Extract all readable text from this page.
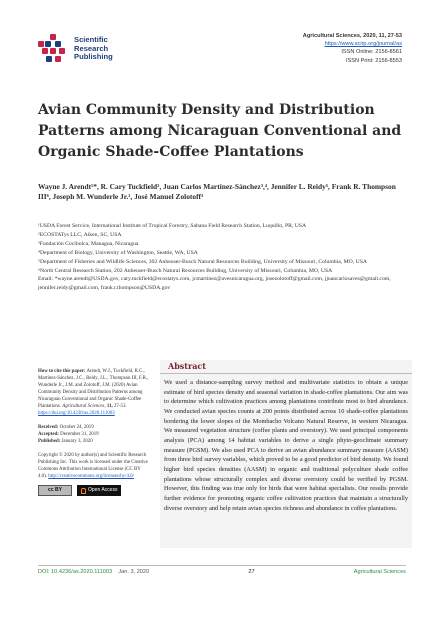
Scientific
Research
Publishing
Agricultural Sciences, 2020, 11, 27-53
https://www.scirp.org/journal/as
ISSN Online: 2156-8561
ISSN Print: 2156-8553
Avian Community Density and Distribution Patterns among Nicaraguan Conventional and Organic Shade-Coffee Plantations
Wayne J. Arendt¹*, R. Cary Tuckfield², Juan Carlos Martínez-Sánchez³,⁴, Jennifer L. Reidy⁵, Frank R. Thompson III⁶, Joseph M. Wunderle Jr.¹, José Manuel Zolotoff³
¹USDA Forest Service, International Institute of Tropical Forestry, Sabana Field Research Station, Luquillo, PR, USA
²ECOSTATys LLC, Aiken, SC, USA
³Fundación Cocibolca, Managua, Nicaragua
⁴Department of Biology, University of Washington, Seattle, WA, USA
⁵Department of Fisheries and Wildlife Sciences, 302 Anheuser-Busch Natural Resources Building, University of Missouri, Columbia, MO, USA
⁶North Central Research Station, 202 Anheuser-Busch Natural Resources Building, University of Missouri, Columbia, MO, USA
Email: *wayne.arendt@USDA.gov, cary.tuckfield@ecostatys.com, jcmartinez@avesnicaragua.org, josezolotoff@gmail.com, jjuancarlosaves@gmail.com, jennifer.reidy@gmail.com, frank.r.thompson@USDA.gov

How to cite this paper: Arendt, W.J., Tuckfield, R.C., Martínez-Sánchez, J.C., Reidy, J.L., Thompson III, F.R., Wunderle Jr., J.M. and Zolotoff, J.M. (2020) Avian Community Density and Distribution Patterns among Nicaraguan Conventional and Organic Shade-Coffee Plantations. Agricultural Sciences, 11, 27-53. https://doi.org/10.4236/as.2020.111003

Received: October 24, 2019
Accepted: December 31, 2019
Published: January 3, 2020

Copyright © 2020 by author(s) and Scientific Research Publishing Inc. This work is licensed under the Creative Commons Attribution International License (CC BY 4.0). http://creativecommons.org/licenses/by/4.0/

cc BY	Open Access
Abstract
We used a distance-sampling survey method and multivariate statistics to obtain a unique estimate of bird species density and seasonal variation in shade-coffee plantations. Our aim was to determine which cultivation practices among plantations contribute most to bird abundance. We conducted avian species counts at 200 points distributed across 10 shade-coffee plantations bordering the lower slopes of the Mombacho Volcano Natural Reserve, in western Nicaragua. We measured vegetation structure (coffee plants and overstory). We used principal components analysis (PCA) among 14 habitat variables to derive a single phyto-geoclimate summary measure (PGSM). We also used PCA to derive an avian abundance summary measure (AASM) from three bird survey variables, which proved to be a good predictor of bird density. We found higher bird species densities (AASM) in organic and traditional polyculture shade coffee plantations whose structurally complex and diverse overstory could be verified by PGSM. However, this finding was true only for birds that were habitat specialists. Our results provide further evidence for promoting organic coffee cultivation practices that maintain a structurally diverse overstory and help retain avian species richness and abundance in coffee plantations.
DOI: 10.4236/as.2020.111003 Jan. 3, 2020	27	Agricultural Sciences
